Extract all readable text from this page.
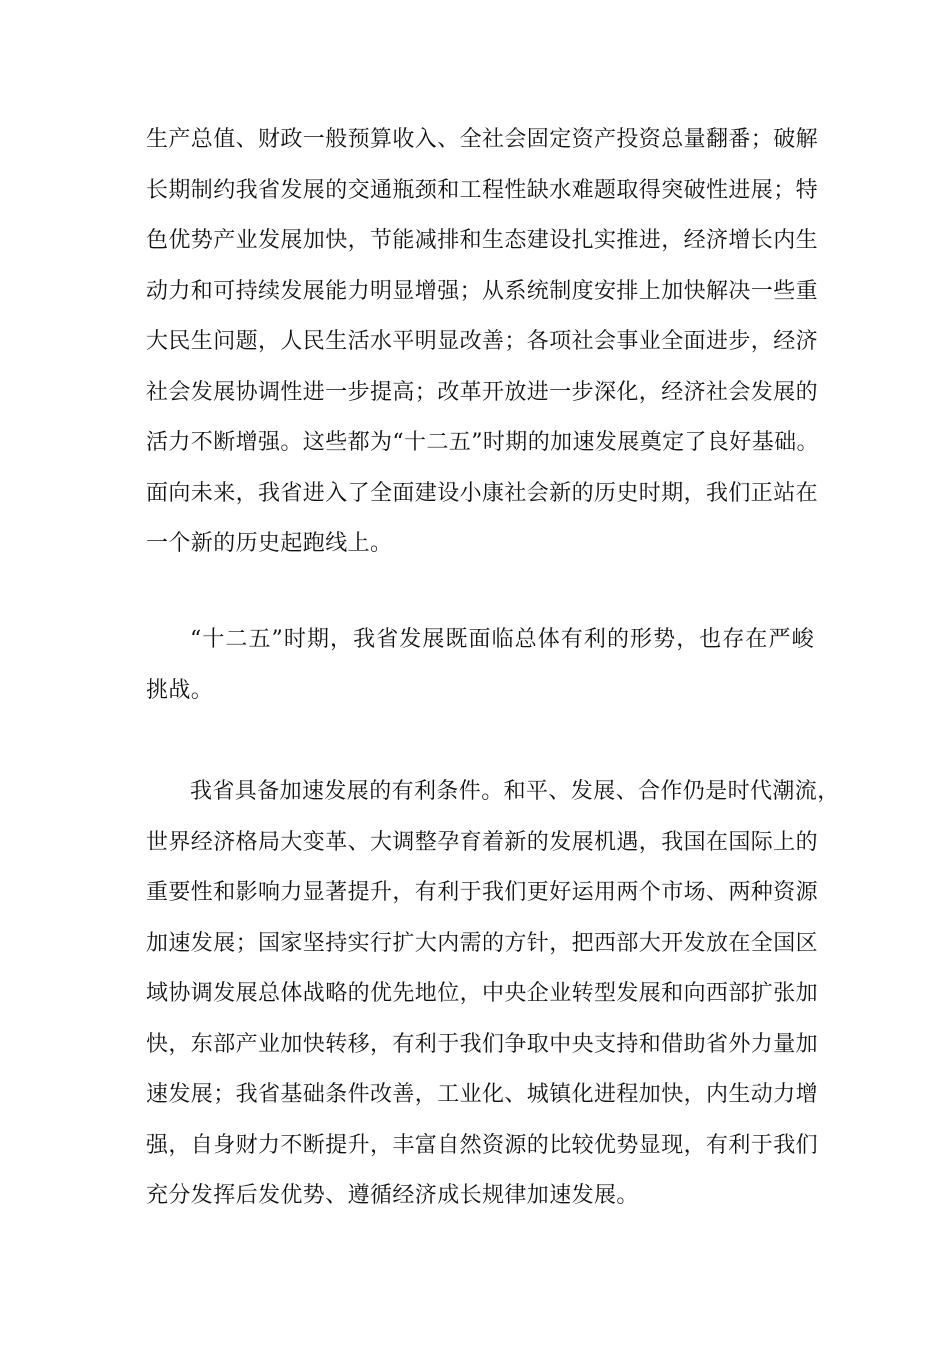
生产总值、财政一般预算收入、全社会固定资产投资总量翻番；破解
长期制约我省发展的交通瓶颈和工程性缺水难题取得突破性进展；特
色优势产业发展加快，节能减排和生态建设扎实推进，经济增长内生
动力和可持续发展能力明显增强；从系统制度安排上加快解决一些重
大民生问题，人民生活水平明显改善；各项社会事业全面进步，经济
社会发展协调性进一步提高；改革开放进一步深化，经济社会发展的
活力不断增强。这些都为“十二五”时期的加速发展奠定了良好基础。
面向未来，我省进入了全面建设小康社会新的历史时期，我们正站在
一个新的历史起跑线上。
“十二五”时期，我省发展既面临总体有利的形势，也存在严峻
挑战。
我省具备加速发展的有利条件。和平、发展、合作仍是时代潮流，
世界经济格局大变革、大调整孕育着新的发展机遇，我国在国际上的
重要性和影响力显著提升，有利于我们更好运用两个市场、两种资源
加速发展；国家坚持实行扩大内需的方针，把西部大开发放在全国区
域协调发展总体战略的优先地位，中央企业转型发展和向西部扩张加
快，东部产业加快转移，有利于我们争取中央支持和借助省外力量加
速发展；我省基础条件改善，工业化、城镇化进程加快，内生动力增
强，自身财力不断提升，丰富自然资源的比较优势显现，有利于我们
充分发挥后发优势、遵循经济成长规律加速发展。
